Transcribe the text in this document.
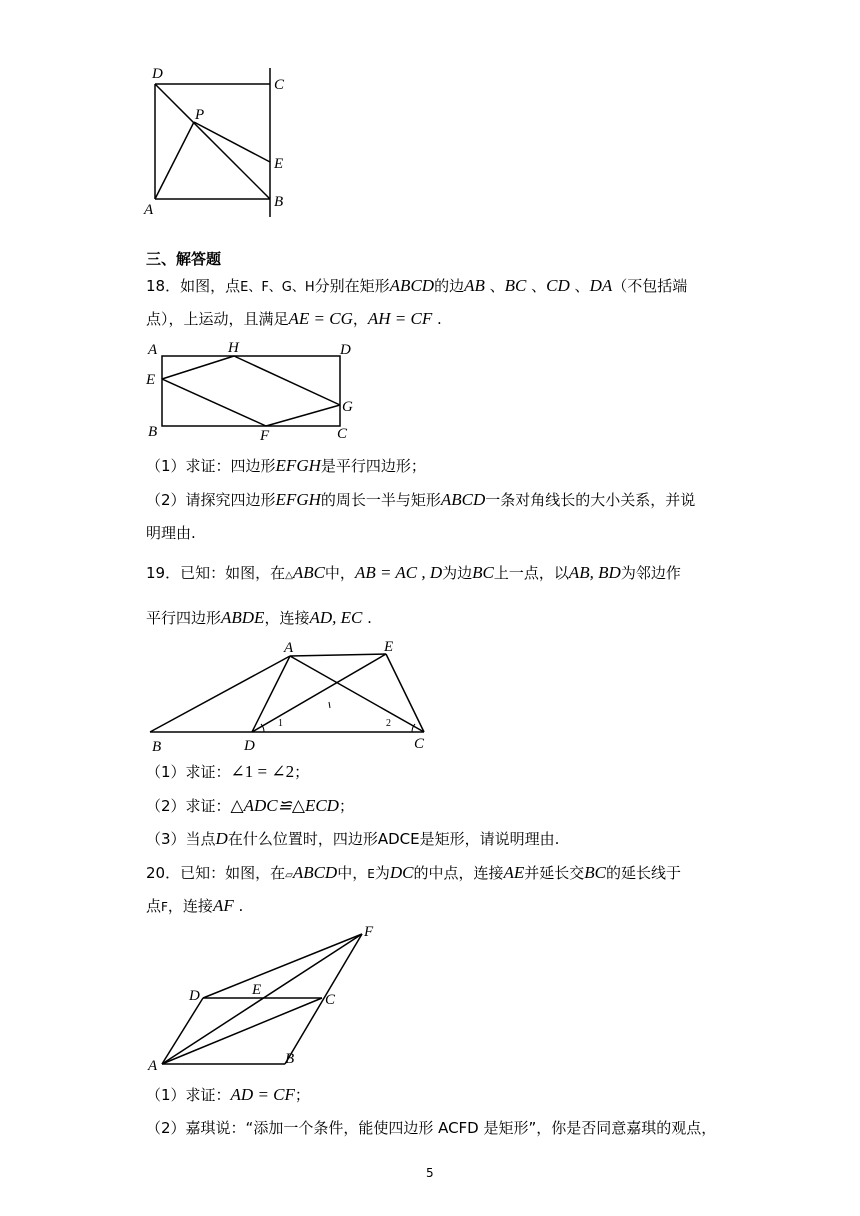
D
C
P
E
A	B
三、解答题
18．如图，点E、F、G、H分别在矩形ABCD的边AB 、BC 、CD 、DA（不包括端
点），上运动，且满足AE = CG，AH = CF .
A	H	D
E
G
B	F	C
（1）求证：四边形EFGH是平行四边形；
（2）请探究四边形EFGH的周长一半与矩形ABCD一条对角线长的大小关系，并说
明理由.
19．已知：如图，在△ABC中，AB = AC , D为边BC上一点，以AB, BD为邻边作
平行四边形ABDE，连接AD, EC .
A	E
B	D	C
1	2
（1）求证：∠1 = ∠2；
（2）求证：△ADC≌△ECD；
（3）当点D在什么位置时，四边形ADCE是矩形，请说明理由.
20．已知：如图，在▱ABCD中，E为DC的中点，连接AE并延长交BC的延长线于
点F，连接AF .
F
D	E
C
A	B
（1）求证：AD = CF；
（2）嘉琪说：“添加一个条件，能使四边形 ACFD 是矩形”，你是否同意嘉琪的观点，
5
